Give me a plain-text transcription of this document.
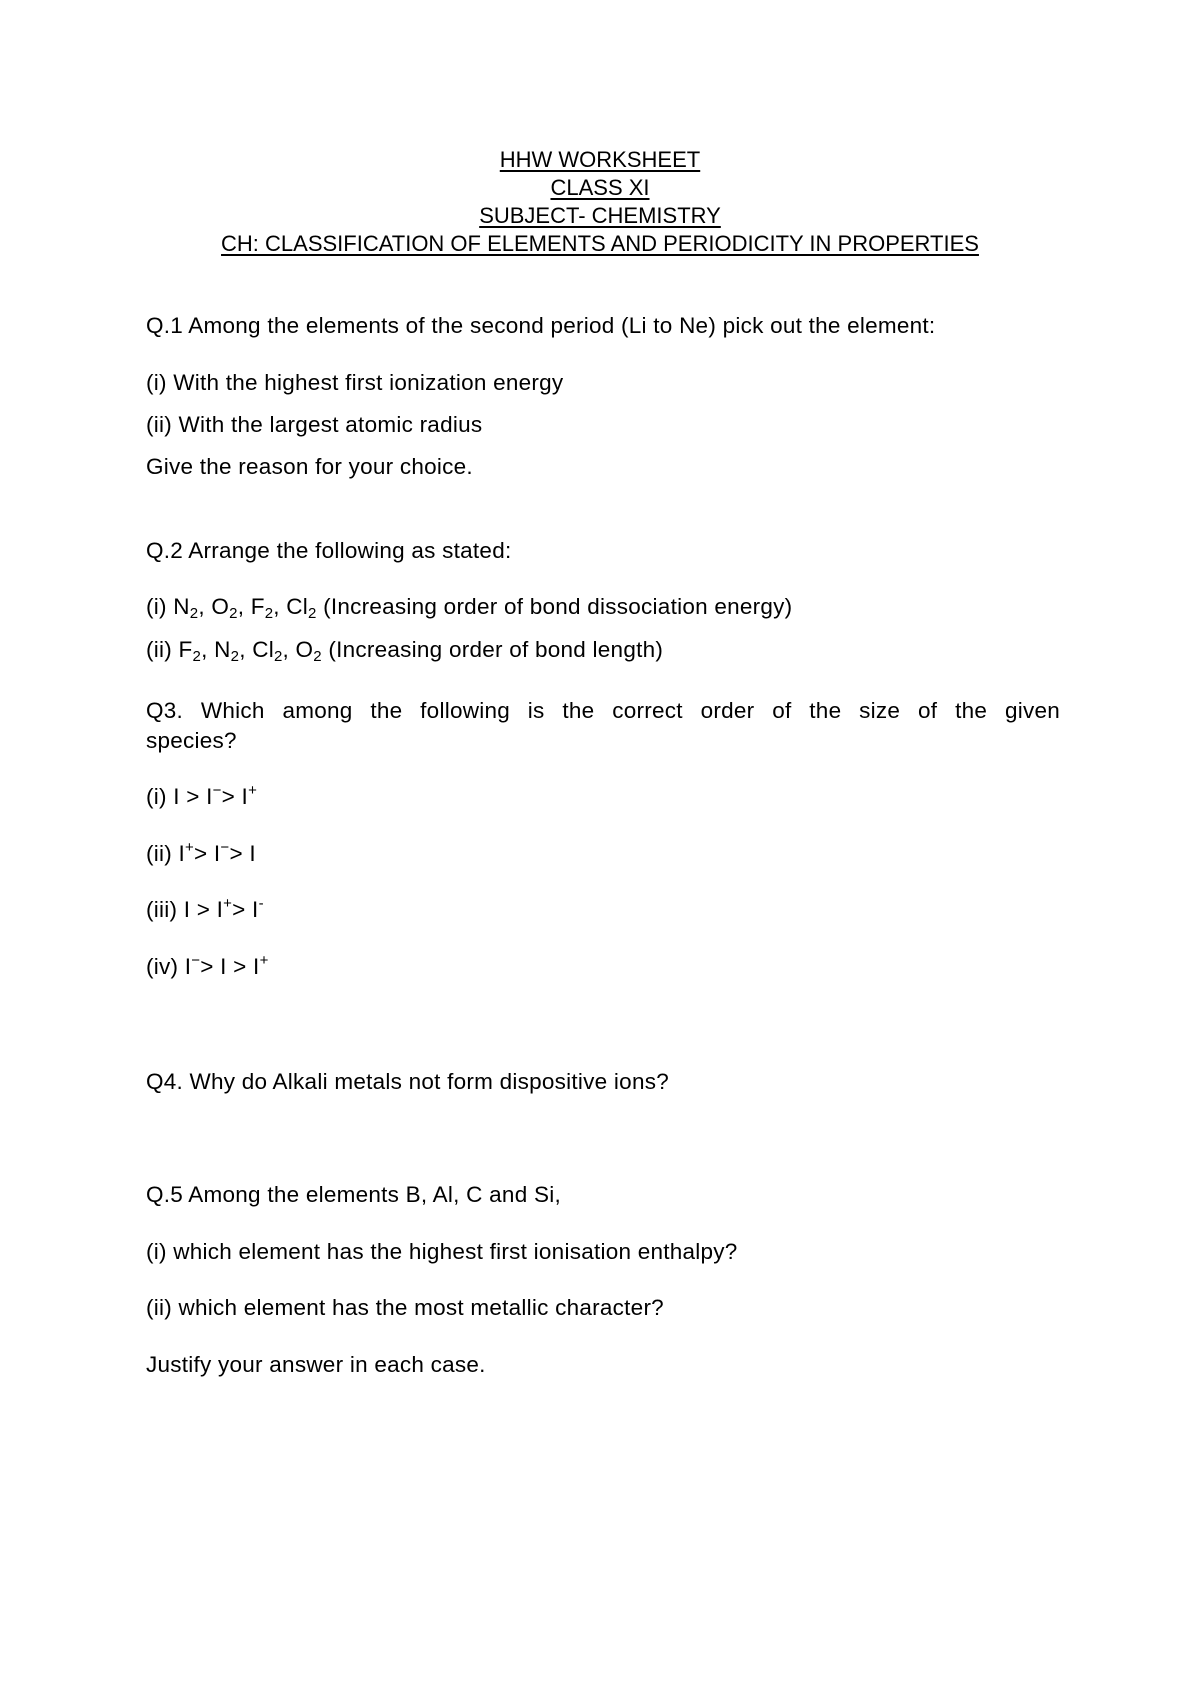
HHW WORKSHEET
CLASS XI
SUBJECT- CHEMISTRY
CH: CLASSIFICATION OF ELEMENTS AND PERIODICITY IN PROPERTIES
Q.1 Among the elements of the second period (Li to Ne) pick out the element:
(i) With the highest first ionization energy
(ii) With the largest atomic radius
Give the reason for your choice.
Q.2 Arrange the following as stated:
(i) $N_2$, $O_2$, $F_2$, $Cl_2$ (Increasing order of bond dissociation energy)
(ii) $F_2$, $N_2$, $Cl_2$, $O_2$ (Increasing order of bond length)
Q3. Which among the following is the correct order of the size of the given
species?
(i) I > I−> I+
(ii) I+> I−> I
(iii) I > I+> I-
(iv) I−> I > I+
Q4. Why do Alkali metals not form dispositive ions?
Q.5 Among the elements B, Al, C and Si,
(i) which element has the highest first ionisation enthalpy?
(ii) which element has the most metallic character?
Justify your answer in each case.
